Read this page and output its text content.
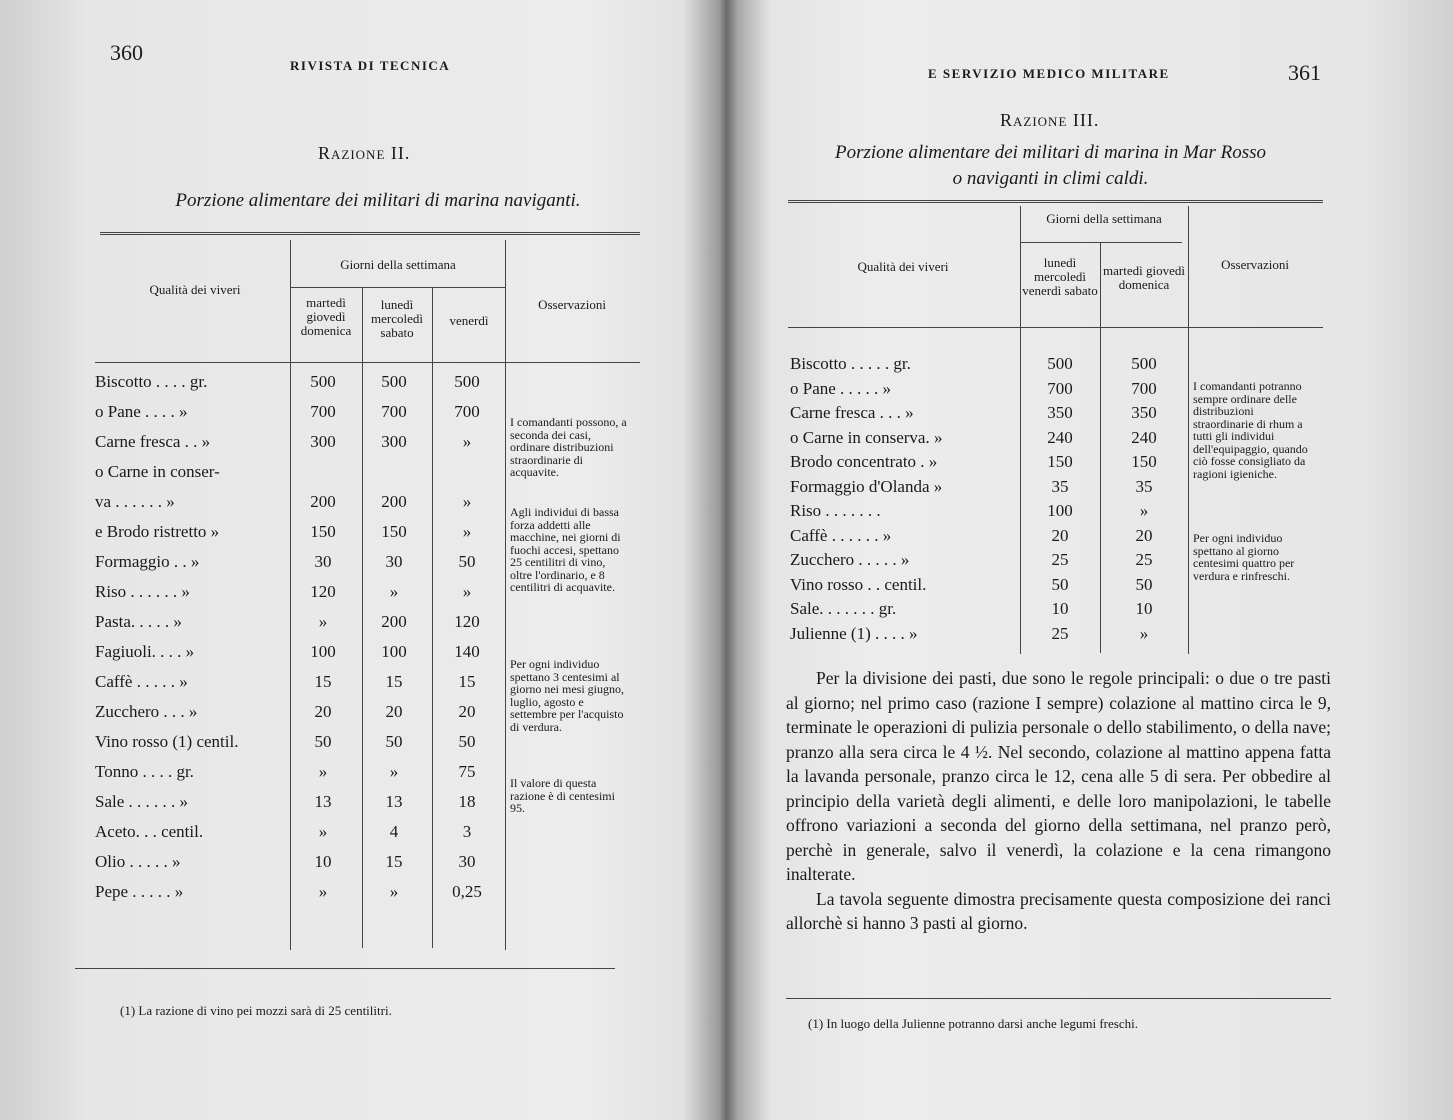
360
RIVISTA DI TECNICA
Razione II.
Porzione alimentare dei militari di marina naviganti.
Qualità dei viveri
Giorni della settimana
martedì giovedì domenica
lunedì mercoledì sabato
venerdì
Osservazioni
Biscotto . . . . gr.	500	500	500
o Pane . . . . »	700	700	700
Carne fresca . . »	300	300	»
o Carne in conser-
va . . . . . . »	200	200	»
e Brodo ristretto »	150	150	»
Formaggio . . »	30	30	50
Riso . . . . . . »	120	»	»
Pasta. . . . . »	»	200	120
Fagiuoli. . . . »	100	100	140
Caffè . . . . . »	15	15	15
Zucchero . . . »	20	20	20
Vino rosso (1) centil.	50	50	50
Tonno . . . . gr.	»	»	75
Sale . . . . . . »	13	13	18
Aceto. . . centil.	»	4	3
Olio . . . . . »	10	15	30
Pepe . . . . . »	»	»	0,25
I comandanti possono, a seconda dei casi, ordinare distribuzioni straordinarie di acquavite.
Agli individui di bassa forza addetti alle macchine, nei giorni di fuochi accesi, spettano 25 centilitri di vino, oltre l'ordinario, e 8 centilitri di acquavite.
Per ogni individuo spettano 3 centesimi al giorno nei mesi giugno, luglio, agosto e settembre per l'acquisto di verdura.
Il valore di questa razione è di centesimi 95.
(1) La razione di vino pei mozzi sarà di 25 centilitri.
E SERVIZIO MEDICO MILITARE	361
Razione III.
Porzione alimentare dei militari di marina in Mar Rosso
o naviganti in climi caldi.
Qualità dei viveri
Giorni della settimana
lunedì mercoledì venerdì sabato
martedì giovedì domenica
Osservazioni
Biscotto . . . . . gr.	500	500
o Pane . . . . . »	700	700
Carne fresca . . . »	350	350
o Carne in conserva. »	240	240
Brodo concentrato . »	150	150
Formaggio d'Olanda »	35	35
Riso . . . . . . .	100	»
Caffè . . . . . . »	20	20
Zucchero . . . . . »	25	25
Vino rosso . . centil.	50	50
Sale. . . . . . . gr.	10	10
Julienne (1) . . . . »	25	»
I comandanti potranno sempre ordinare delle distribuzioni straordinarie di rhum a tutti gli individui dell'equipaggio, quando ciò fosse consigliato da ragioni igieniche.
Per ogni individuo spettano al giorno centesimi quattro per verdura e rinfreschi.

Per la divisione dei pasti, due sono le regole principali: o due o tre pasti al giorno; nel primo caso (razione I sempre) colazione al mattino circa le 9, terminate le operazioni di pulizia personale o dello stabilimento, o della nave; pranzo alla sera circa le 4 ½. Nel secondo, colazione al mattino appena fatta la lavanda personale, pranzo circa le 12, cena alle 5 di sera. Per obbedire al principio della varietà degli alimenti, e delle loro manipolazioni, le tabelle offrono variazioni a seconda del giorno della settimana, nel pranzo però, perchè in generale, salvo il venerdì, la colazione e la cena rimangono inalterate.

La tavola seguente dimostra precisamente questa composizione dei ranci allorchè si hanno 3 pasti al giorno.

(1) In luogo della Julienne potranno darsi anche legumi freschi.
